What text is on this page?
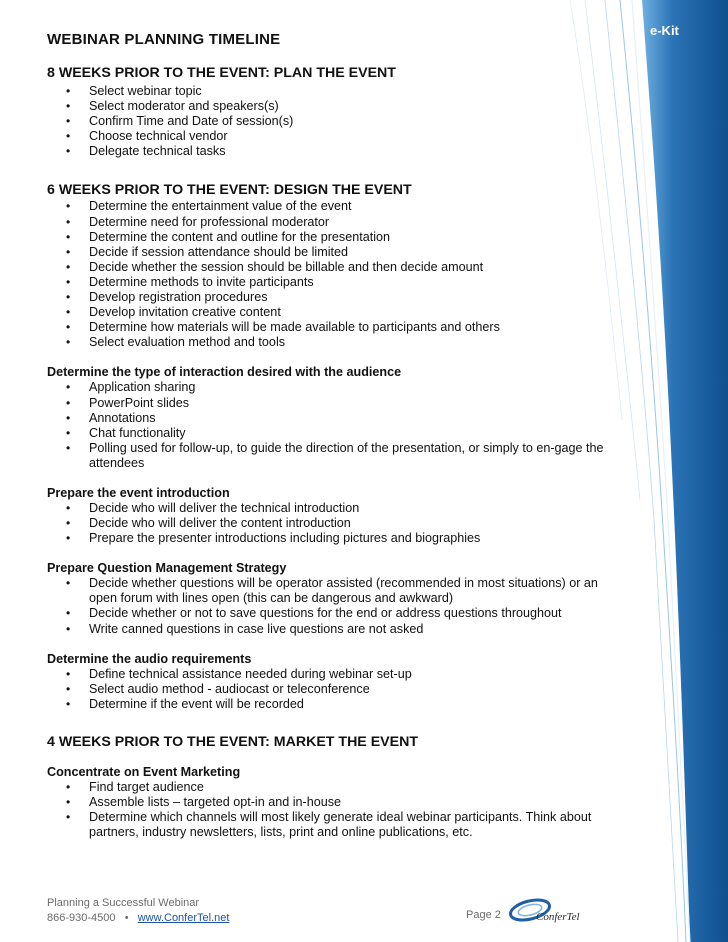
e-Kit
WEBINAR PLANNING TIMELINE
8 WEEKS PRIOR TO THE EVENT: PLAN THE EVENT
• Select webinar topic
• Select moderator and speakers(s)
• Confirm Time and Date of session(s)
• Choose technical vendor
• Delegate technical tasks
6 WEEKS PRIOR TO THE EVENT: DESIGN THE EVENT
• Determine the entertainment value of the event
• Determine need for professional moderator
• Determine the content and outline for the presentation
• Decide if session attendance should be limited
• Decide whether the session should be billable and then decide amount
• Determine methods to invite participants
• Develop registration procedures
• Develop invitation creative content
• Determine how materials will be made available to participants and others
• Select evaluation method and tools
Determine the type of interaction desired with the audience
• Application sharing
• PowerPoint slides
• Annotations
• Chat functionality
• Polling used for follow-up, to guide the direction of the presentation, or simply to en-gage the attendees
Prepare the event introduction
• Decide who will deliver the technical introduction
• Decide who will deliver the content introduction
• Prepare the presenter introductions including pictures and biographies
Prepare Question Management Strategy
• Decide whether questions will be operator assisted (recommended in most situations) or an open forum with lines open (this can be dangerous and awkward)
• Decide whether or not to save questions for the end or address questions throughout
• Write canned questions in case live questions are not asked
Determine the audio requirements
• Define technical assistance needed during webinar set-up
• Select audio method - audiocast or teleconference
• Determine if the event will be recorded
4 WEEKS PRIOR TO THE EVENT: MARKET THE EVENT
Concentrate on Event Marketing
• Find target audience
• Assemble lists – targeted opt-in and in-house
• Determine which channels will most likely generate ideal webinar participants. Think about partners, industry newsletters, lists, print and online publications, etc.
Planning a Successful Webinar
866-930-4500 • www.ConferTel.net	Page 2	ConferTel
